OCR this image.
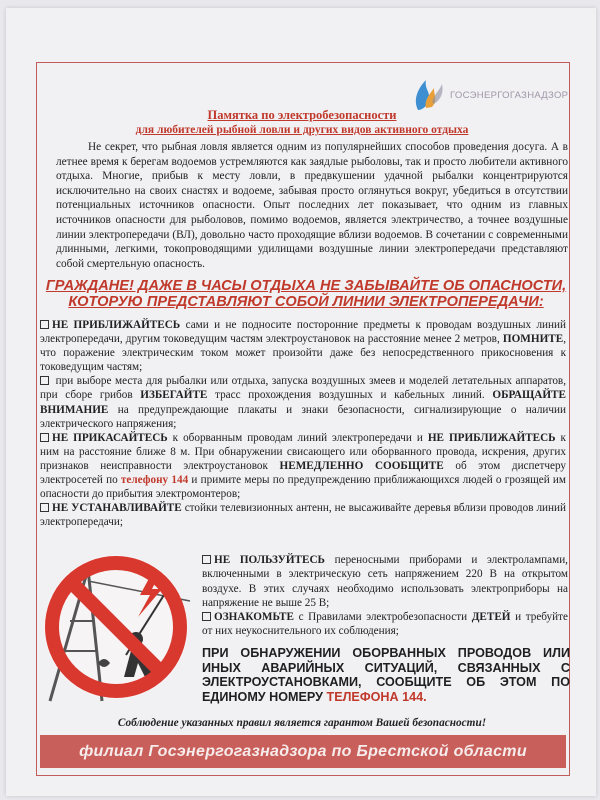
ГОСЭНЕРГОГАЗНАДЗОР
Памятка по электробезопасности
для любителей рыбной ловли и других видов активного отдыха

Не секрет, что рыбная ловля является одним из популярнейших способов проведения досуга. А в летнее время к берегам водоемов устремляются как заядлые рыболовы, так и просто любители активного отдыха. Многие, прибыв к месту ловли, в предвкушении удачной рыбалки концентрируются исключительно на своих снастях и водоеме, забывая просто оглянуться вокруг, убедиться в отсутствии потенциальных источников опасности. Опыт последних лет показывает, что одним из главных источников опасности для рыболовов, помимо водоемов, является электричество, а точнее воздушные линии электропередачи (ВЛ), довольно часто проходящие вблизи водоемов. В сочетании с современными длинными, легкими, токопроводящими удилищами воздушные линии электропередачи представляют собой смертельную опасность.

ГРАЖДАНЕ! ДАЖЕ В ЧАСЫ ОТДЫХА НЕ ЗАБЫВАЙТЕ ОБ ОПАСНОСТИ, КОТОРУЮ ПРЕДСТАВЛЯЮТ СОБОЙ ЛИНИИ ЭЛЕКТРОПЕРЕДАЧИ:

НЕ ПРИБЛИЖАЙТЕСЬ сами и не подносите посторонние предметы к проводам воздушных линий электропередачи, другим токоведущим частям электроустановок на расстояние менее 2 метров, ПОМНИТЕ, что поражение электрическим током может произойти даже без непосредственного прикосновения к токоведущим частям;

при выборе места для рыбалки или отдыха, запуска воздушных змеев и моделей летательных аппаратов, при сборе грибов ИЗБЕГАЙТЕ трасс прохождения воздушных и кабельных линий. ОБРАЩАЙТЕ ВНИМАНИЕ на предупреждающие плакаты и знаки безопасности, сигнализирующие о наличии электрического напряжения;

НЕ ПРИКАСАЙТЕСЬ к оборванным проводам линий электропередачи и НЕ ПРИБЛИЖАЙТЕСЬ к ним на расстояние ближе 8 м. При обнаружении свисающего или оборванного провода, искрения, других признаков неисправности электроустановок НЕМЕДЛЕННО СООБЩИТЕ об этом диспетчеру электросетей по телефону 144 и примите меры по предупреждению приближающихся людей о грозящей им опасности до прибытия электромонтеров;

НЕ УСТАНАВЛИВАЙТЕ стойки телевизионных антенн, не высаживайте деревья вблизи проводов линий электропередачи;

НЕ ПОЛЬЗУЙТЕСЬ переносными приборами и электролампами, включенными в электрическую сеть напряжением 220 В на открытом воздухе. В этих случаях необходимо использовать электроприборы на напряжение не выше 25 В;

ОЗНАКОМЬТЕ с Правилами электробезопасности ДЕТЕЙ и требуйте от них неукоснительного их соблюдения;

ПРИ ОБНАРУЖЕНИИ ОБОРВАННЫХ ПРОВОДОВ ИЛИ ИНЫХ АВАРИЙНЫХ СИТУАЦИЙ, СВЯЗАННЫХ С ЭЛЕКТРОУСТАНОВКАМИ, СООБЩИТЕ ОБ ЭТОМ ПО ЕДИНОМУ НОМЕРУ ТЕЛЕФОНА 144.
Соблюдение указанных правил является гарантом Вашей безопасности!
филиал Госэнергогазнадзора по Брестской области
